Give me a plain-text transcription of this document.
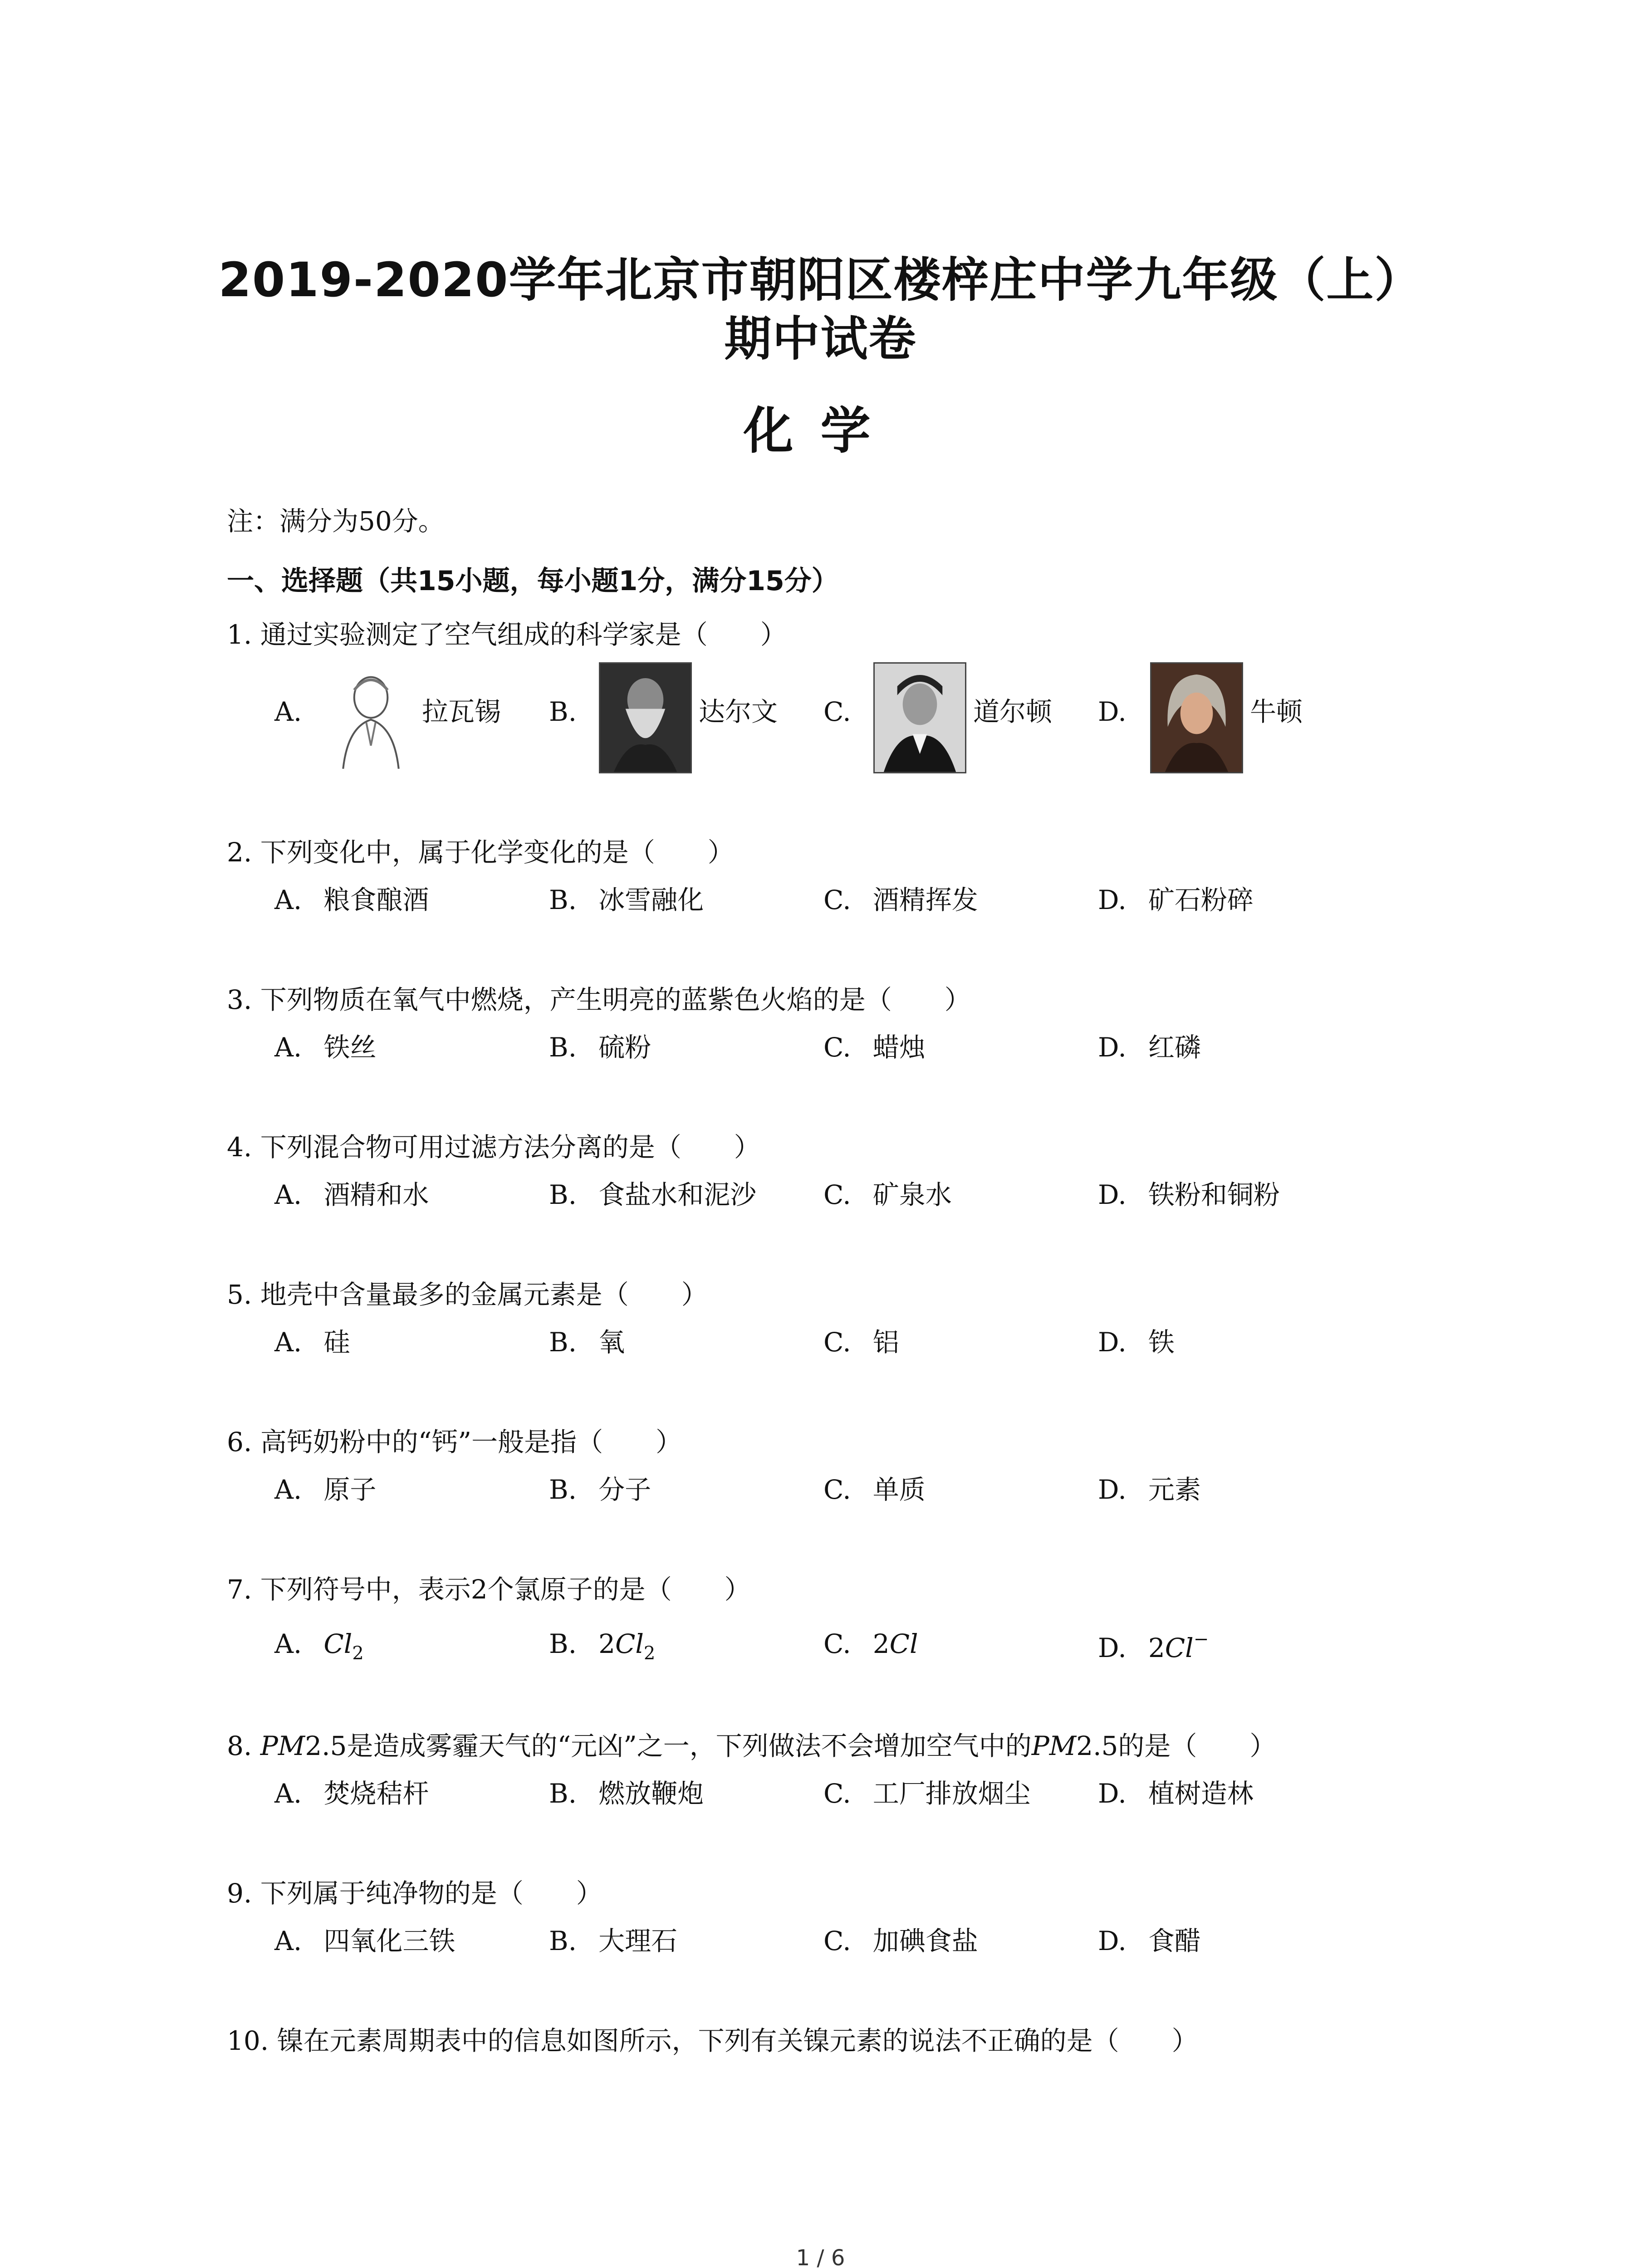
2019-2020学年北京市朝阳区楼梓庄中学九年级（上）
期中试卷
化学
注：满分为50分。
一、选择题（共15小题，每小题1分，满分15分）
1. 通过实验测定了空气组成的科学家是（　　）
A.	拉瓦锡 B.	达尔文 C.	道尔顿 D.	牛顿
2. 下列变化中，属于化学变化的是（　　）
A. 粮食酿酒	B. 冰雪融化	C. 酒精挥发	D. 矿石粉碎
3. 下列物质在氧气中燃烧，产生明亮的蓝紫色火焰的是（　　）
A. 铁丝	B. 硫粉	C. 蜡烛	D. 红磷
4. 下列混合物可用过滤方法分离的是（　　）
A. 酒精和水	B. 食盐水和泥沙	C. 矿泉水	D. 铁粉和铜粉
5. 地壳中含量最多的金属元素是（　　）
A. 硅	B. 氧	C. 铝	D. 铁
6. 高钙奶粉中的“钙”一般是指（　　）
A. 原子	B. 分子	C. 单质	D. 元素
7. 下列符号中，表示2个氯原子的是（　　）
A. $Cl_2$	B. $2Cl_2$	C. 2Cl	D. 2Cl−
8. PM2.5是造成雾霾天气的“元凶”之一，下列做法不会增加空气中的PM2.5的是（　　）
A. 焚烧秸杆	B. 燃放鞭炮	C. 工厂排放烟尘	D. 植树造林
9. 下列属于纯净物的是（　　）
A. 四氧化三铁	B. 大理石	C. 加碘食盐	D. 食醋
10. 镍在元素周期表中的信息如图所示，下列有关镍元素的说法不正确的是（　　）
1 / 6
